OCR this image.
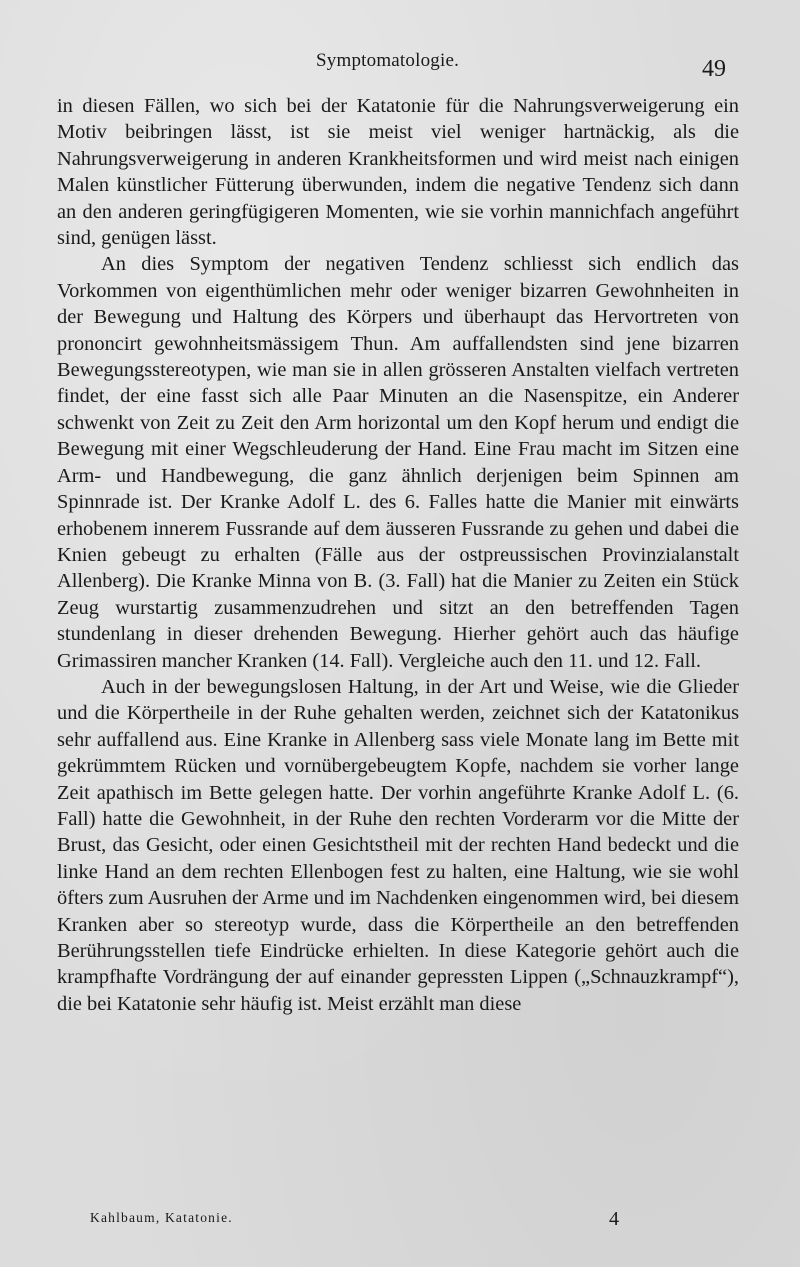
Symptomatologie.	49

in diesen Fällen, wo sich bei der Katatonie für die Nahrungsverweigerung ein Motiv beibringen lässt, ist sie meist viel weniger hartnäckig, als die Nahrungsverweigerung in anderen Krankheitsformen und wird meist nach einigen Malen künstlicher Fütterung überwunden, indem die negative Tendenz sich dann an den anderen geringfügigeren Momenten, wie sie vorhin mannichfach angeführt sind, genügen lässt.

An dies Symptom der negativen Tendenz schliesst sich endlich das Vorkommen von eigenthümlichen mehr oder weniger bizarren Gewohnheiten in der Bewegung und Haltung des Körpers und überhaupt das Hervortreten von prononcirt gewohnheitsmässigem Thun. Am auffallendsten sind jene bizarren Bewegungsstereotypen, wie man sie in allen grösseren Anstalten vielfach vertreten findet, der eine fasst sich alle Paar Minuten an die Nasenspitze, ein Anderer schwenkt von Zeit zu Zeit den Arm horizontal um den Kopf herum und endigt die Bewegung mit einer Wegschleuderung der Hand. Eine Frau macht im Sitzen eine Arm- und Handbewegung, die ganz ähnlich derjenigen beim Spinnen am Spinnrade ist. Der Kranke Adolf L. des 6. Falles hatte die Manier mit einwärts erhobenem innerem Fussrande auf dem äusseren Fussrande zu gehen und dabei die Knien gebeugt zu erhalten (Fälle aus der ostpreussischen Provinzialanstalt Allenberg). Die Kranke Minna von B. (3. Fall) hat die Manier zu Zeiten ein Stück Zeug wurstartig zusammenzudrehen und sitzt an den betreffenden Tagen stundenlang in dieser drehenden Bewegung. Hierher gehört auch das häufige Grimassiren mancher Kranken (14. Fall). Vergleiche auch den 11. und 12. Fall.

Auch in der bewegungslosen Haltung, in der Art und Weise, wie die Glieder und die Körpertheile in der Ruhe gehalten werden, zeichnet sich der Katatonikus sehr auffallend aus. Eine Kranke in Allenberg sass viele Monate lang im Bette mit gekrümmtem Rücken und vornübergebeugtem Kopfe, nachdem sie vorher lange Zeit apathisch im Bette gelegen hatte. Der vorhin angeführte Kranke Adolf L. (6. Fall) hatte die Gewohnheit, in der Ruhe den rechten Vorderarm vor die Mitte der Brust, das Gesicht, oder einen Gesichtstheil mit der rechten Hand bedeckt und die linke Hand an dem rechten Ellenbogen fest zu halten, eine Haltung, wie sie wohl öfters zum Ausruhen der Arme und im Nachdenken eingenommen wird, bei diesem Kranken aber so stereotyp wurde, dass die Körpertheile an den betreffenden Berührungsstellen tiefe Eindrücke erhielten. In diese Kategorie gehört auch die krampfhafte Vordrängung der auf einander gepressten Lippen („Schnauzkrampf“), die bei Katatonie sehr häufig ist. Meist erzählt man diese

Kahlbaum, Katatonie.	4
